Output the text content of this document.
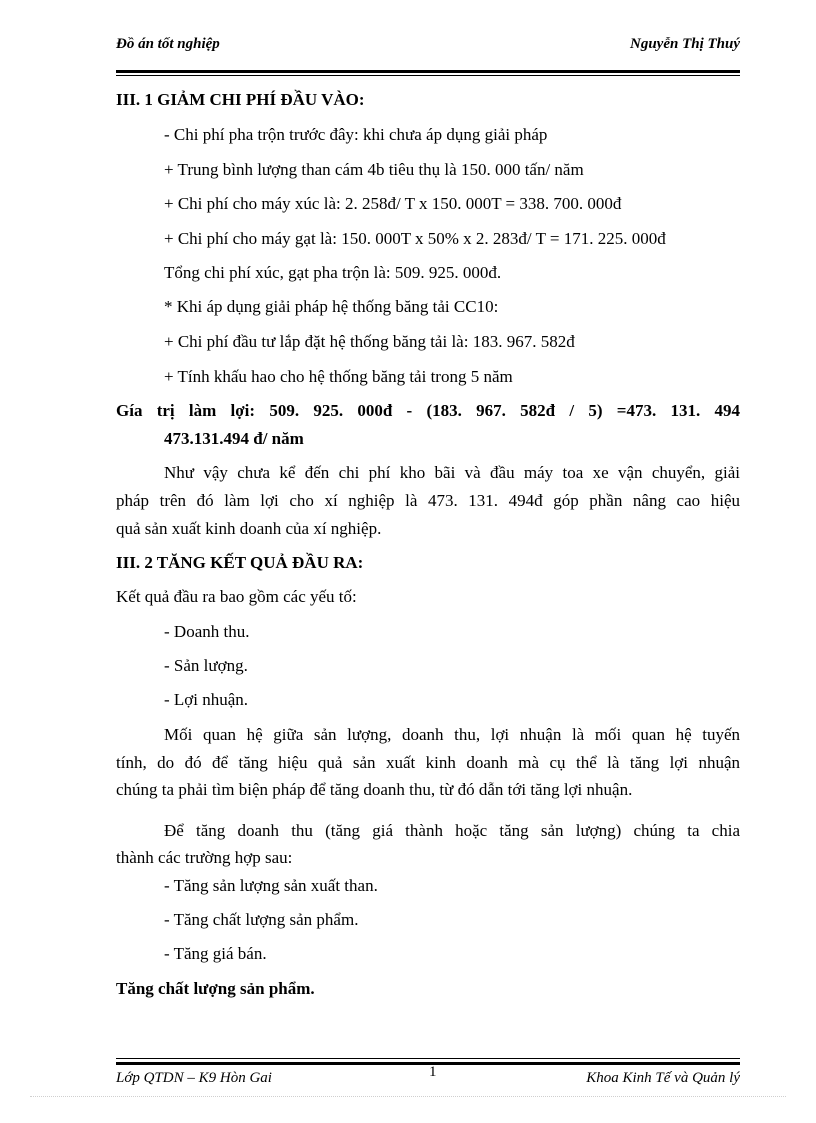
Đồ án tốt nghiệp	Nguyễn Thị Thuý
III. 1 GIẢM CHI PHÍ ĐẦU VÀO:
- Chi phí pha trộn trước đây: khi chưa áp dụng giải pháp
+ Trung bình lượng than cám 4b tiêu thụ là 150. 000 tấn/ năm
+ Chi phí cho máy xúc là: 2. 258đ/ T x 150. 000T = 338. 700. 000đ
+ Chi phí cho máy gạt là: 150. 000T x 50% x 2. 283đ/ T = 171. 225. 000đ
Tổng chi phí xúc, gạt pha trộn là: 509. 925. 000đ.
* Khi áp dụng giải pháp hệ thống băng tải CC10:
+ Chi phí đầu tư lắp đặt hệ thống băng tải là: 183. 967. 582đ
+ Tính khấu hao cho hệ thống băng tải trong 5 năm
Gía trị làm lợi: 509. 925. 000đ - (183. 967. 582đ / 5) =473. 131. 494
473.131.494 đ/ năm
Như vậy chưa kể đến chi phí kho bãi và đầu máy toa xe vận chuyển, giải
pháp trên đó làm lợi cho xí nghiệp là 473. 131. 494đ góp phần nâng cao hiệu
quả sản xuất kinh doanh của xí nghiệp.
III. 2 TĂNG KẾT QUẢ ĐẦU RA:
Kết quả đầu ra bao gồm các yếu tố:
- Doanh thu.
- Sản lượng.
- Lợi nhuận.
Mối quan hệ giữa sản lượng, doanh thu, lợi nhuận là mối quan hệ tuyến
tính, do đó để tăng hiệu quả sản xuất kinh doanh mà cụ thể là tăng lợi nhuận
chúng ta phải tìm biện pháp để tăng doanh thu, từ đó dẫn tới tăng lợi nhuận.
Để tăng doanh thu (tăng giá thành hoặc tăng sản lượng) chúng ta chia
thành các trường hợp sau:
- Tăng sản lượng sản xuất than.
- Tăng chất lượng sản phẩm.
- Tăng giá bán.
Tăng chất lượng sản phẩm.
Lớp QTDN – K9 Hòn Gai	1	Khoa Kinh Tế và Quản lý
